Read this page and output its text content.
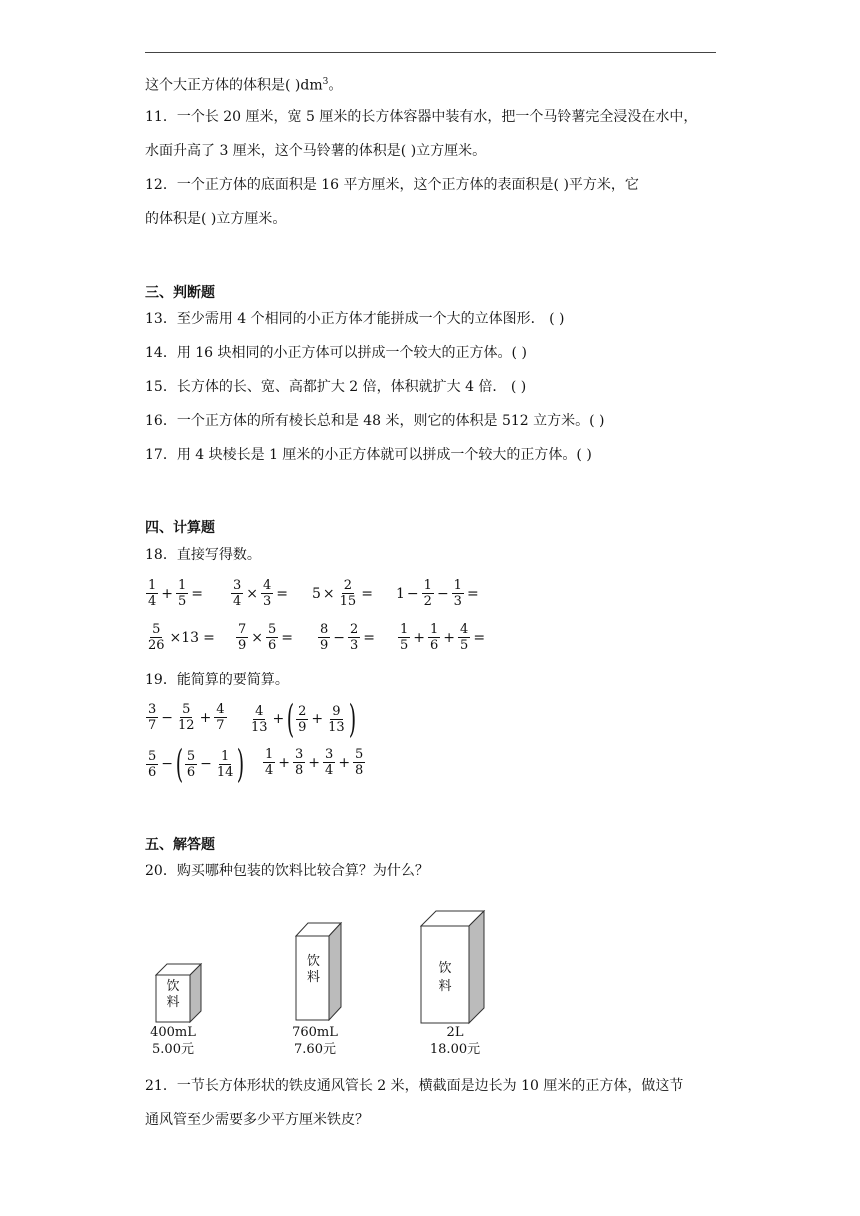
这个大正方体的体积是( )$dm^3$。
11．一个长 20 厘米，宽 5 厘米的长方体容器中装有水，把一个马铃薯完全浸没在水中，
水面升高了 3 厘米，这个马铃薯的体积是( )立方厘米。
12．一个正方体的底面积是 16 平方厘米，这个正方体的表面积是( )平方米，它
的体积是( )立方厘米。
三、判断题
13．至少需用 4 个相同的小正方体才能拼成一个大的立体图形． ( )
14．用 16 块相同的小正方体可以拼成一个较大的正方体。( )
15．长方体的长、宽、高都扩大 2 倍，体积就扩大 4 倍． ( )
16．一个正方体的所有棱长总和是 48 米，则它的体积是 512 立方米。( )
17．用 4 块棱长是 1 厘米的小正方体就可以拼成一个较大的正方体。( )
四、计算题
18．直接写得数。
$\frac{1}{4} + \frac{1}{5} = \frac{3}{4} \times \frac{4}{3} = 5 \times \frac{2}{15} = 1 - \frac{1}{2} - \frac{1}{3}$ =
$\frac{5}{26} \times 13 = \frac{7}{9} \times \frac{5}{6} = \frac{8}{9} - \frac{2}{3} = \frac{1}{5} + \frac{1}{6} + \frac{4}{5}$ =
19．能简算的要简算。
$\frac{3}{7} - \frac{5}{12} + \frac{4}{7} \frac{4}{13}$ + ( $\frac{2}{9} + \frac{9}{13}$ )
$\frac{5}{6}$ − ( $\frac{5}{6} - \frac{1}{14}$ ) $\frac{1}{4} + \frac{3}{8} + \frac{3}{4} + \frac{5}{8}$
五、解答题
20．购买哪种包装的饮料比较合算？为什么？
饮
料
400mL
5.00元
饮
料
760mL
7.60元
饮
料
2L
18.00元
21．一节长方体形状的铁皮通风管长 2 米，横截面是边长为 10 厘米的正方体，做这节
通风管至少需要多少平方厘米铁皮？
